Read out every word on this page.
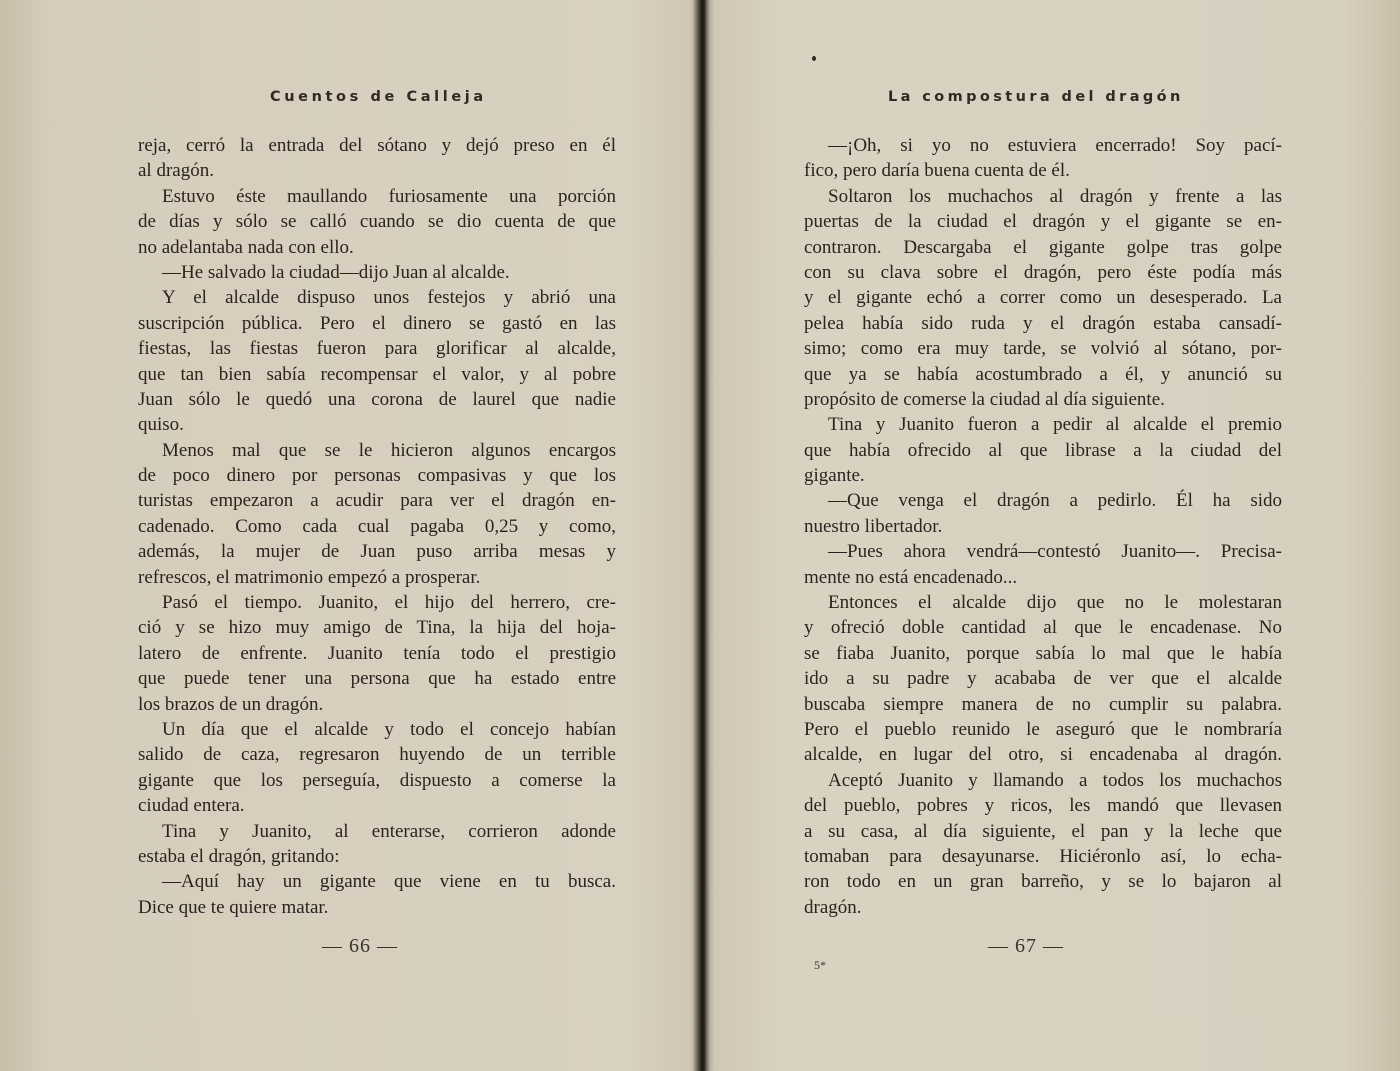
Cuentos de Calleja
reja, cerró la entrada del sótano y dejó preso en él
al dragón.
Estuvo éste maullando furiosamente una porción
de días y sólo se calló cuando se dio cuenta de que
no adelantaba nada con ello.
—He salvado la ciudad—dijo Juan al alcalde.
Y el alcalde dispuso unos festejos y abrió una
suscripción pública. Pero el dinero se gastó en las
fiestas, las fiestas fueron para glorificar al alcalde,
que tan bien sabía recompensar el valor, y al pobre
Juan sólo le quedó una corona de laurel que nadie
quiso.
Menos mal que se le hicieron algunos encargos
de poco dinero por personas compasivas y que los
turistas empezaron a acudir para ver el dragón en-
cadenado. Como cada cual pagaba 0,25 y como,
además, la mujer de Juan puso arriba mesas y
refrescos, el matrimonio empezó a prosperar.
Pasó el tiempo. Juanito, el hijo del herrero, cre-
ció y se hizo muy amigo de Tina, la hija del hoja-
latero de enfrente. Juanito tenía todo el prestigio
que puede tener una persona que ha estado entre
los brazos de un dragón.
Un día que el alcalde y todo el concejo habían
salido de caza, regresaron huyendo de un terrible
gigante que los perseguía, dispuesto a comerse la
ciudad entera.
Tina y Juanito, al enterarse, corrieron adonde
estaba el dragón, gritando:
—Aquí hay un gigante que viene en tu busca.
Dice que te quiere matar.
— 66 —
La compostura del dragón
—¡Oh, si yo no estuviera encerrado! Soy pací-
fico, pero daría buena cuenta de él.
Soltaron los muchachos al dragón y frente a las
puertas de la ciudad el dragón y el gigante se en-
contraron. Descargaba el gigante golpe tras golpe
con su clava sobre el dragón, pero éste podía más
y el gigante echó a correr como un desesperado. La
pelea había sido ruda y el dragón estaba cansadí-
simo; como era muy tarde, se volvió al sótano, por-
que ya se había acostumbrado a él, y anunció su
propósito de comerse la ciudad al día siguiente.
Tina y Juanito fueron a pedir al alcalde el premio
que había ofrecido al que librase a la ciudad del
gigante.
—Que venga el dragón a pedirlo. Él ha sido
nuestro libertador.
—Pues ahora vendrá—contestó Juanito—. Precisa-
mente no está encadenado...
Entonces el alcalde dijo que no le molestaran
y ofreció doble cantidad al que le encadenase. No
se fiaba Juanito, porque sabía lo mal que le había
ido a su padre y acababa de ver que el alcalde
buscaba siempre manera de no cumplir su palabra.
Pero el pueblo reunido le aseguró que le nombraría
alcalde, en lugar del otro, si encadenaba al dragón.
Aceptó Juanito y llamando a todos los muchachos
del pueblo, pobres y ricos, les mandó que llevasen
a su casa, al día siguiente, el pan y la leche que
tomaban para desayunarse. Hiciéronlo así, lo echa-
ron todo en un gran barreño, y se lo bajaron al
dragón.
— 67 —
5*
